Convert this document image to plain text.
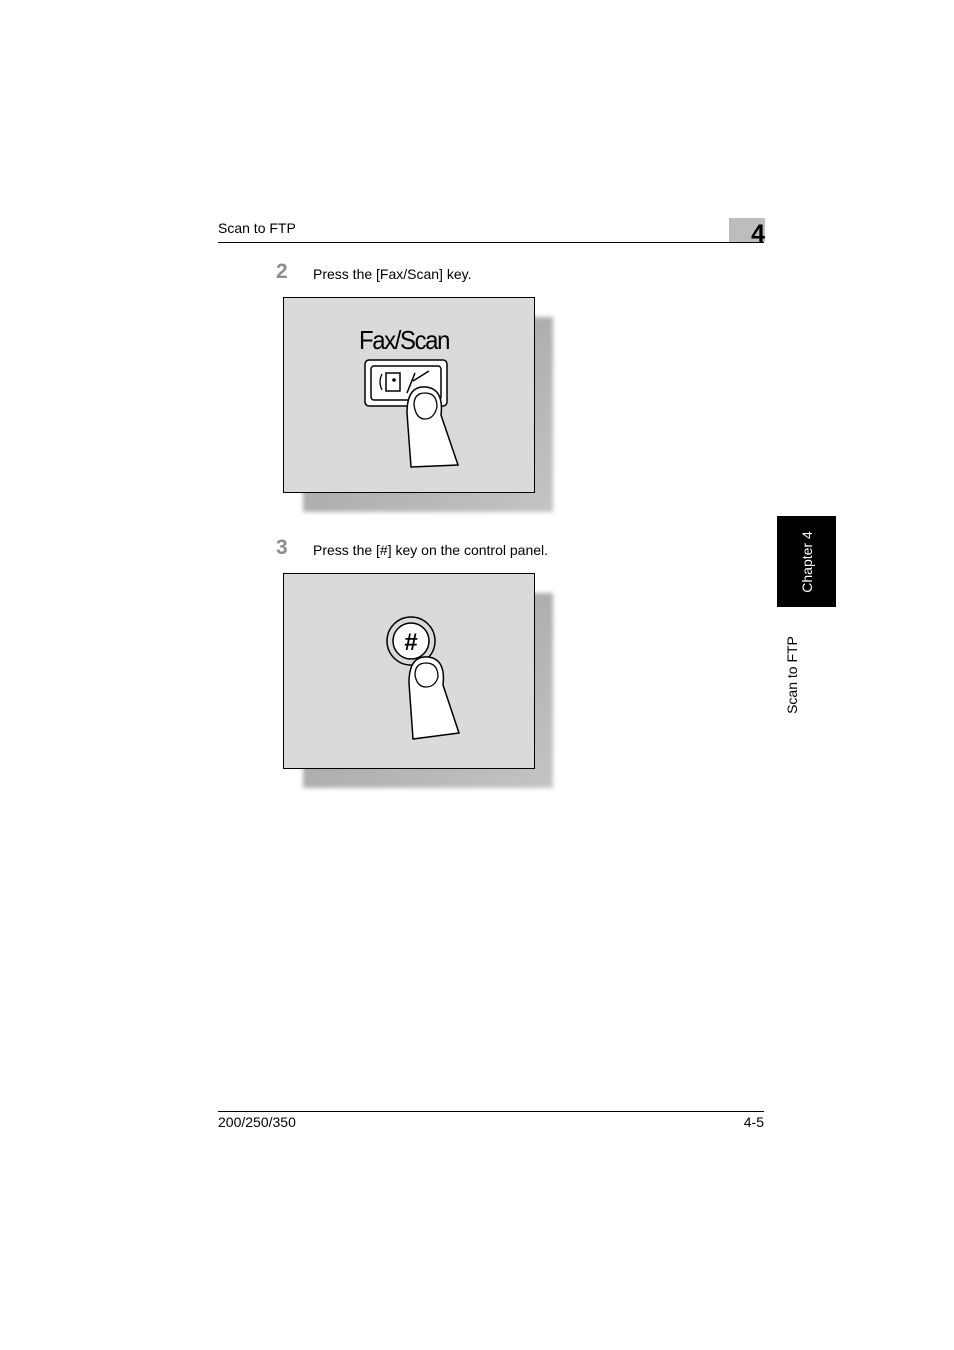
Scan to FTP	4
2 Press the [Fax/Scan] key.
Fax/Scan
3 Press the [#] key on the control panel.
#
Chapter 4
Scan to FTP
200/250/350	4-5
